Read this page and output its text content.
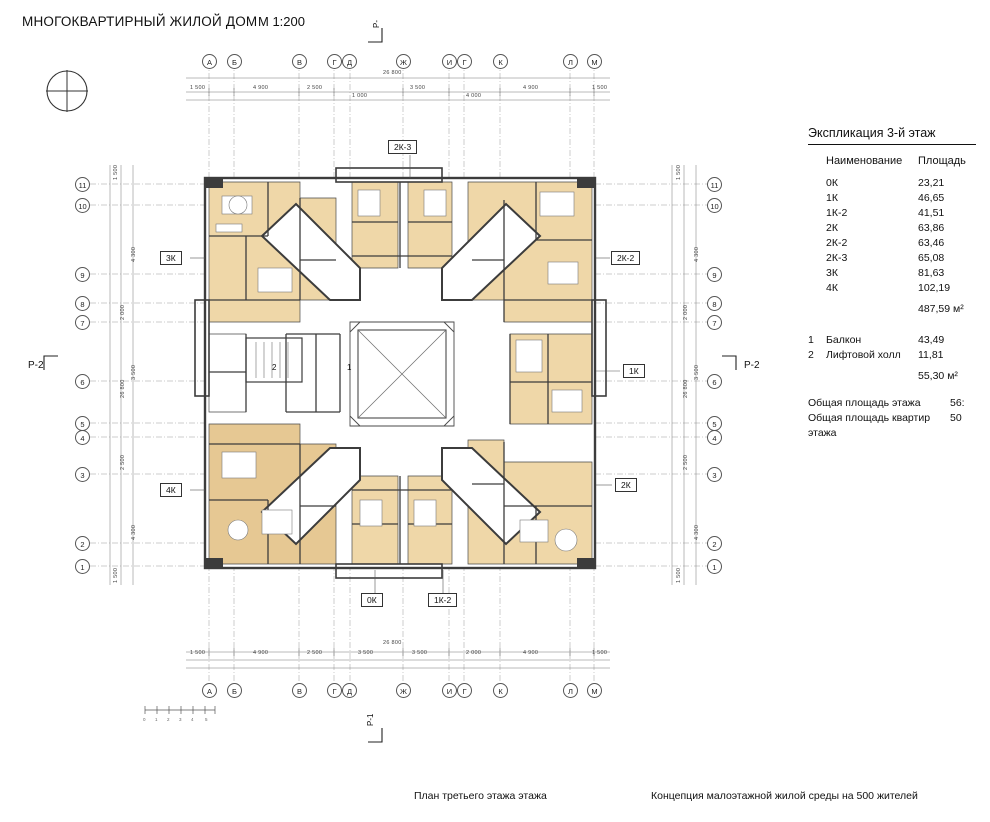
МНОГОКВАРТИРНЫЙ ЖИЛОЙ ДОМ М 1:200
0 1 2 3 4	5
А	Б	В	Г	Д	Ж	И	Г	К	Л	М
А	Б	В	Г	Д	Ж	И	Г	К	Л	М
11
10
9
8
7
6
5
4
3
2
1
11
10
9
8
7
6
5
4
3
2
1
26 800
1 500	4 900	2 500
1 000
3 500
4 000
4 900	1 500
26 800
1 500	4 900	2 500	3 500	3 500	2 000	4 900	1 500
26 800
1 500
4 300
2 000
3 500
2 500
4 300
1 500
26 800
1 500
4 300
2 000
3 500
2 500
4 300
1 500
2	1
2К-3
3К	2К-2
1К
4К	2К
0К	1К-2
Р-1
Р-2	Р-2
Р-
Экспликация 3-й этаж
Наименование	Площадь
0К	23,21
1К	46,65
1К-2	41,51
2К	63,86
2К-2	63,46
2К-3	65,08
3К	81,63
4К	102,19
487,59 м²
1	Балкон	43,49
2	Лифтовой холл	11,81
55,30 м²
Общая площадь этажа	56:
Общая площадь квартир этажа
50
План третьего этажа этажа	Концепция малоэтажной жилой среды на 500 жителей
